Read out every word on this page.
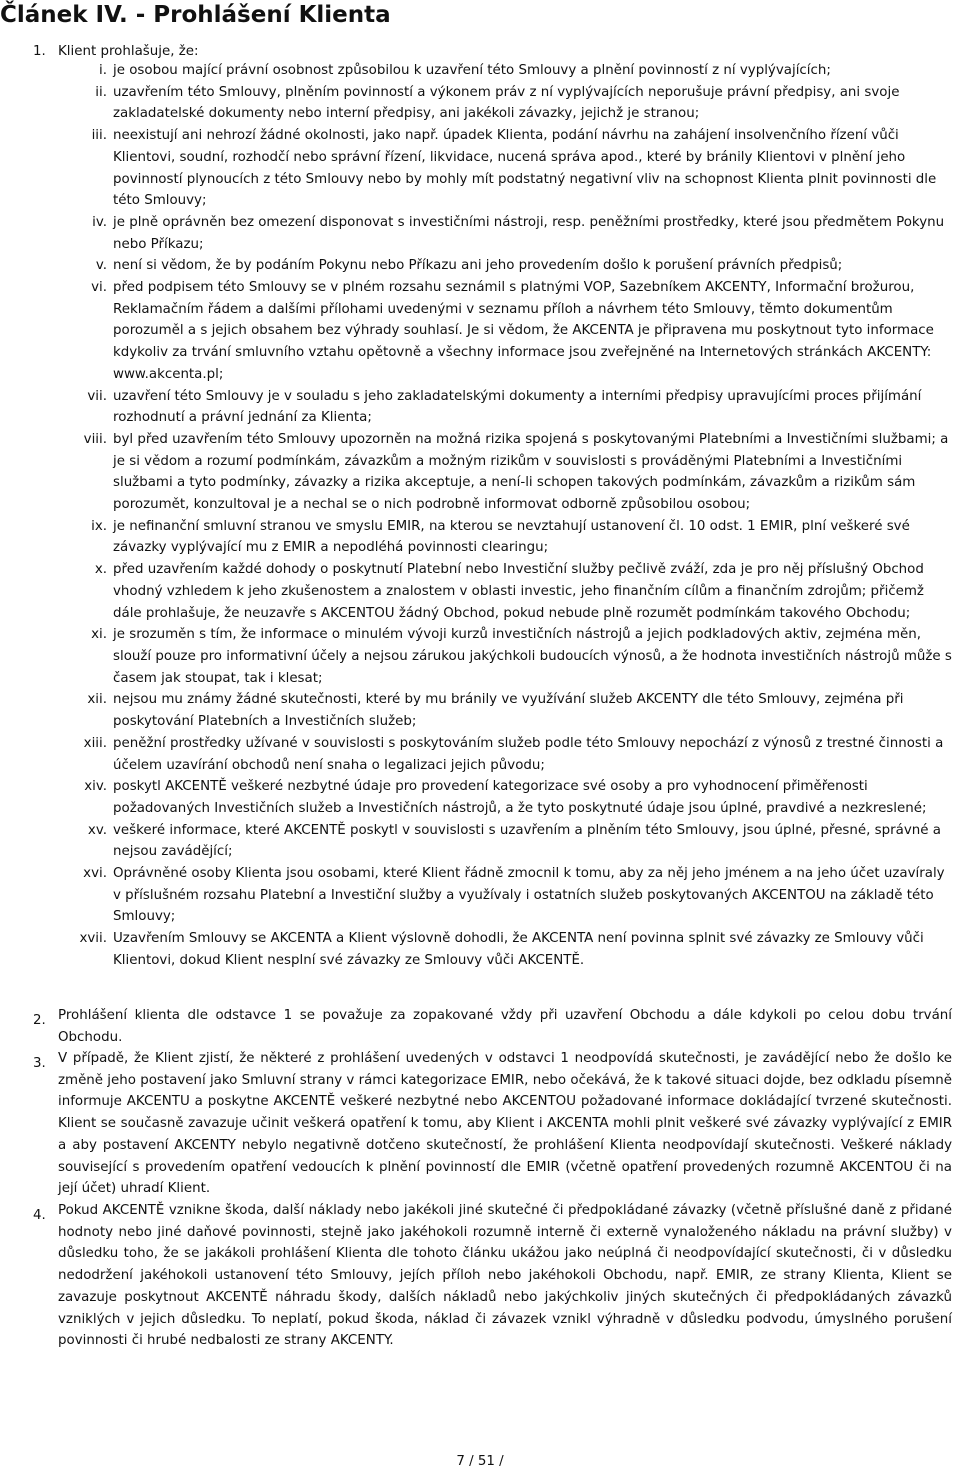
Článek IV. - Prohlášení Klienta
1. Klient prohlašuje, že:
i. je osobou mající právní osobnost způsobilou k uzavření této Smlouvy a plnění povinností z ní vyplývajících;
ii. uzavřením této Smlouvy, plněním povinností a výkonem práv z ní vyplývajících neporušuje právní předpisy, ani svoje zakladatelské dokumenty nebo interní předpisy, ani jakékoli závazky, jejichž je stranou;
iii. neexistují ani nehrozí žádné okolnosti, jako např. úpadek Klienta, podání návrhu na zahájení insolvenčního řízení vůči Klientovi, soudní, rozhodčí nebo správní řízení, likvidace, nucená správa apod., které by bránily Klientovi v plnění jeho povinností plynoucích z této Smlouvy nebo by mohly mít podstatný negativní vliv na schopnost Klienta plnit povinnosti dle této Smlouvy;
iv. je plně oprávněn bez omezení disponovat s investičními nástroji, resp. peněžními prostředky, které jsou předmětem Pokynu nebo Příkazu;
v. není si vědom, že by podáním Pokynu nebo Příkazu ani jeho provedením došlo k porušení právních předpisů;
vi. před podpisem této Smlouvy se v plném rozsahu seznámil s platnými VOP, Sazebníkem AKCENTY, Informační brožurou, Reklamačním řádem a dalšími přílohami uvedenými v seznamu příloh a návrhem této Smlouvy, těmto dokumentům porozuměl a s jejich obsahem bez výhrady souhlasí. Je si vědom, že AKCENTA je připravena mu poskytnout tyto informace kdykoliv za trvání smluvního vztahu opětovně a všechny informace jsou zveřejněné na Internetových stránkách AKCENTY: www.akcenta.pl;
vii. uzavření této Smlouvy je v souladu s jeho zakladatelskými dokumenty a interními předpisy upravujícími proces přijímání rozhodnutí a právní jednání za Klienta;
viii. byl před uzavřením této Smlouvy upozorněn na možná rizika spojená s poskytovanými Platebními a Investičními službami; a je si vědom a rozumí podmínkám, závazkům a možným rizikům v souvislosti s prováděnými Platebními a Investičními službami a tyto podmínky, závazky a rizika akceptuje, a není-li schopen takových podmínkám, závazkům a rizikům sám porozumět, konzultoval je a nechal se o nich podrobně informovat odborně způsobilou osobou;
ix. je nefinanční smluvní stranou ve smyslu EMIR, na kterou se nevztahují ustanovení čl. 10 odst. 1 EMIR, plní veškeré své závazky vyplývající mu z EMIR a nepodléhá povinnosti clearingu;
x. před uzavřením každé dohody o poskytnutí Platební nebo Investiční služby pečlivě zváží, zda je pro něj příslušný Obchod vhodný vzhledem k jeho zkušenostem a znalostem v oblasti investic, jeho finančním cílům a finančním zdrojům; přičemž dále prohlašuje, že neuzavře s AKCENTOU žádný Obchod, pokud nebude plně rozumět podmínkám takového Obchodu;
xi. je srozuměn s tím, že informace o minulém vývoji kurzů investičních nástrojů a jejich podkladových aktiv, zejména měn, slouží pouze pro informativní účely a nejsou zárukou jakýchkoli budoucích výnosů, a že hodnota investičních nástrojů může s časem jak stoupat, tak i klesat;
xii. nejsou mu známy žádné skutečnosti, které by mu bránily ve využívání služeb AKCENTY dle této Smlouvy, zejména při poskytování Platebních a Investičních služeb;
xiii. peněžní prostředky užívané v souvislosti s poskytováním služeb podle této Smlouvy nepochází z výnosů z trestné činnosti a účelem uzavírání obchodů není snaha o legalizaci jejich původu;
xiv. poskytl AKCENTĚ veškeré nezbytné údaje pro provedení kategorizace své osoby a pro vyhodnocení přiměřenosti požadovaných Investičních služeb a Investičních nástrojů, a že tyto poskytnuté údaje jsou úplné, pravdivé a nezkreslené;
xv. veškeré informace, které AKCENTĚ poskytl v souvislosti s uzavřením a plněním této Smlouvy, jsou úplné, přesné, správné a nejsou zavádějící;
xvi. Oprávněné osoby Klienta jsou osobami, které Klient řádně zmocnil k tomu, aby za něj jeho jménem a na jeho účet uzavíraly v příslušném rozsahu Platební a Investiční služby a využívaly i ostatních služeb poskytovaných AKCENTOU na základě této Smlouvy;
xvii. Uzavřením Smlouvy se AKCENTA a Klient výslovně dohodli, že AKCENTA není povinna splnit své závazky ze Smlouvy vůči Klientovi, dokud Klient nesplní své závazky ze Smlouvy vůči AKCENTĚ.
2. Prohlášení klienta dle odstavce 1 se považuje za zopakované vždy při uzavření Obchodu a dále kdykoli po celou dobu trvání Obchodu.
3. V případě, že Klient zjistí, že některé z prohlášení uvedených v odstavci 1 neodpovídá skutečnosti, je zavádějící nebo že došlo ke změně jeho postavení jako Smluvní strany v rámci kategorizace EMIR, nebo očekává, že k takové situaci dojde, bez odkladu písemně informuje AKCENTU a poskytne AKCENTĚ veškeré nezbytné nebo AKCENTOU požadované informace dokládající tvrzené skutečnosti. Klient se současně zavazuje učinit veškerá opatření k tomu, aby Klient i AKCENTA mohli plnit veškeré své závazky vyplývající z EMIR a aby postavení AKCENTY nebylo negativně dotčeno skutečností, že prohlášení Klienta neodpovídají skutečnosti. Veškeré náklady související s provedením opatření vedoucích k plnění povinností dle EMIR (včetně opatření provedených rozumně AKCENTOU či na její účet) uhradí Klient.
4. Pokud AKCENTĚ vznikne škoda, další náklady nebo jakékoli jiné skutečné či předpokládané závazky (včetně příslušné daně z přidané hodnoty nebo jiné daňové povinnosti, stejně jako jakéhokoli rozumně interně či externě vynaloženého nákladu na právní služby) v důsledku toho, že se jakákoli prohlášení Klienta dle tohoto článku ukážou jako neúplná či neodpovídající skutečnosti, či v důsledku nedodržení jakéhokoli ustanovení této Smlouvy, jejích příloh nebo jakéhokoli Obchodu, např. EMIR, ze strany Klienta, Klient se zavazuje poskytnout AKCENTĚ náhradu škody, dalších nákladů nebo jakýchkoliv jiných skutečných či předpokládaných závazků vzniklých v jejich důsledku. To neplatí, pokud škoda, náklad či závazek vznikl výhradně v důsledku podvodu, úmyslného porušení povinnosti či hrubé nedbalosti ze strany AKCENTY.
7 / 51 /
